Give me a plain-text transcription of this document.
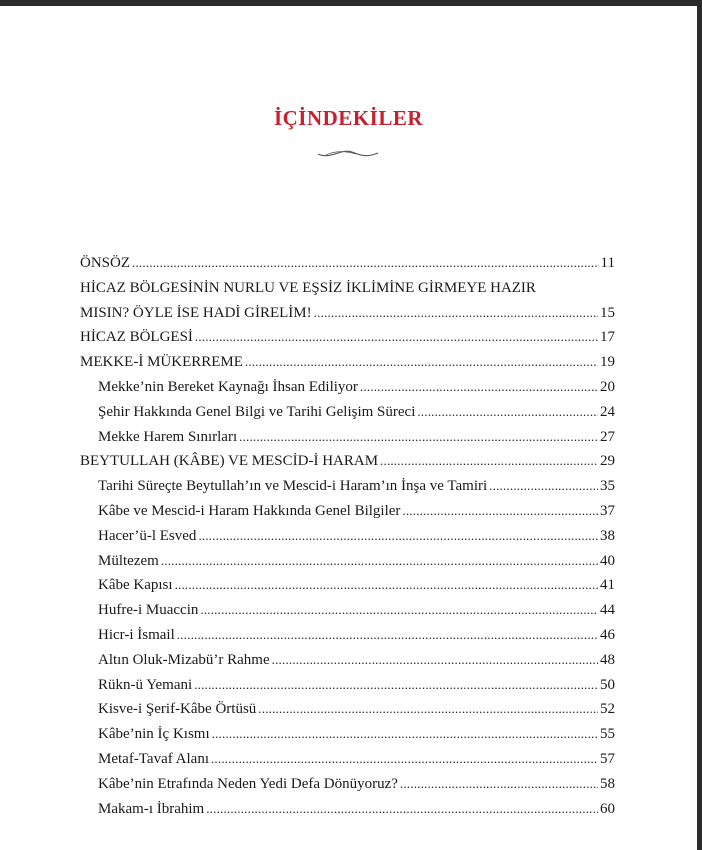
İÇİNDEKİLER
ÖNSÖZ .....	11
HİCAZ BÖLGESİNİN NURLU VE EŞSİZ İKLİMİNE GİRMEYE HAZIR
MISIN? ÖYLE İSE HADİ GİRELİM! .....	15
HİCAZ BÖLGESİ .....	17
MEKKE-İ MÜKERREME .....	19
Mekke’nin Bereket Kaynağı İhsan Ediliyor .....	20
Şehir Hakkında Genel Bilgi ve Tarihi Gelişim Süreci .....	24
Mekke Harem Sınırları .....	27
BEYTULLAH (KÂBE) VE MESCİD-İ HARAM .....	29
Tarihi Süreçte Beytullah’ın ve Mescid-i Haram’ın İnşa ve Tamiri .....	35
Kâbe ve Mescid-i Haram Hakkında Genel Bilgiler .....	37
Hacer’ü-l Esved .....	38
Mültezem .....	40
Kâbe Kapısı .....	41
Hufre-i Muaccin .....	44
Hicr-i İsmail .....	46
Altın Oluk-Mizabü’r Rahme .....	48
Rükn-ü Yemani .....	50
Kisve-i Şerif-Kâbe Örtüsü .....	52
Kâbe’nin İç Kısmı .....	55
Metaf-Tavaf Alanı .....	57
Kâbe’nin Etrafında Neden Yedi Defa Dönüyoruz? .....	58
Makam-ı İbrahim .....	60
